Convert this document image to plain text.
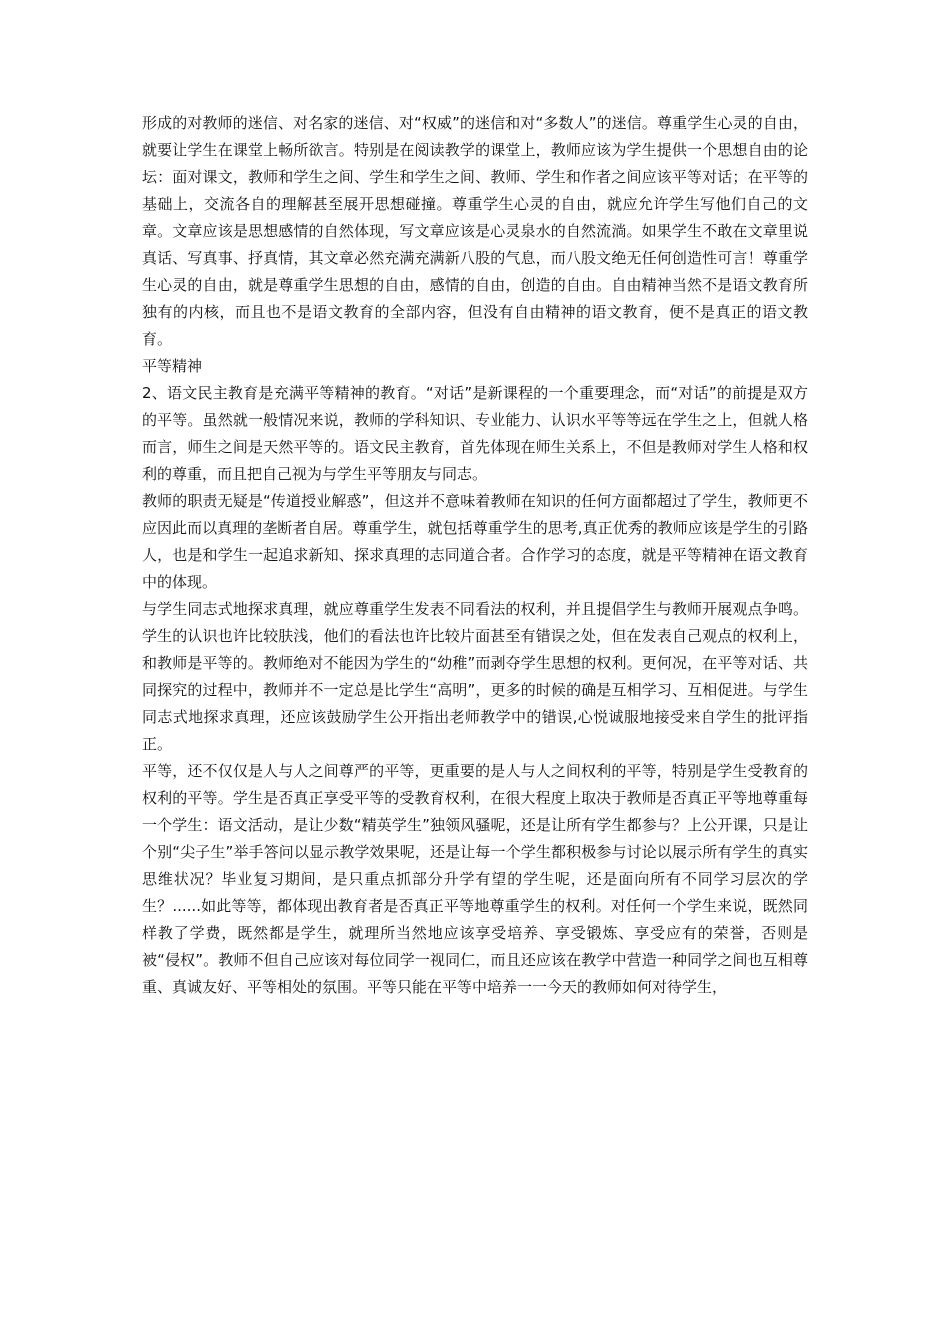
形成的对教师的迷信、对名家的迷信、对“权威”的迷信和对“多数人”的迷信。尊重学生心灵的自由，就要让学生在课堂上畅所欲言。特别是在阅读教学的课堂上，教师应该为学生提供一个思想自由的论坛：面对课文，教师和学生之间、学生和学生之间、教师、学生和作者之间应该平等对话；在平等的基础上，交流各自的理解甚至展开思想碰撞。尊重学生心灵的自由，就应允许学生写他们自己的文章。文章应该是思想感情的自然体现，写文章应该是心灵泉水的自然流淌。如果学生不敢在文章里说真话、写真事、抒真情，其文章必然充满充满新八股的气息，而八股文绝无任何创造性可言！尊重学生心灵的自由，就是尊重学生思想的自由，感情的自由，创造的自由。自由精神当然不是语文教育所独有的内核，而且也不是语文教育的全部内容，但没有自由精神的语文教育，便不是真正的语文教育。

平等精神

2、语文民主教育是充满平等精神的教育。“对话”是新课程的一个重要理念，而“对话”的前提是双方的平等。虽然就一般情况来说，教师的学科知识、专业能力、认识水平等等远在学生之上，但就人格而言，师生之间是天然平等的。语文民主教育，首先体现在师生关系上，不但是教师对学生人格和权利的尊重，而且把自己视为与学生平等朋友与同志。

教师的职责无疑是“传道授业解惑”，但这并不意味着教师在知识的任何方面都超过了学生，教师更不应因此而以真理的垄断者自居。尊重学生，就包括尊重学生的思考,真正优秀的教师应该是学生的引路人，也是和学生一起追求新知、探求真理的志同道合者。合作学习的态度，就是平等精神在语文教育中的体现。

与学生同志式地探求真理，就应尊重学生发表不同看法的权利，并且提倡学生与教师开展观点争鸣。学生的认识也许比较肤浅，他们的看法也许比较片面甚至有错误之处，但在发表自己观点的权利上，和教师是平等的。教师绝对不能因为学生的“幼稚”而剥夺学生思想的权利。更何况，在平等对话、共同探究的过程中，教师并不一定总是比学生“高明”，更多的时候的确是互相学习、互相促进。与学生同志式地探求真理，还应该鼓励学生公开指出老师教学中的错误,心悦诚服地接受来自学生的批评指正。

平等，还不仅仅是人与人之间尊严的平等，更重要的是人与人之间权利的平等，特别是学生受教育的权利的平等。学生是否真正享受平等的受教育权利，在很大程度上取决于教师是否真正平等地尊重每一个学生：语文活动，是让少数“精英学生”独领风骚呢，还是让所有学生都参与？上公开课，只是让个别“尖子生”举手答问以显示教学效果呢，还是让每一个学生都积极参与讨论以展示所有学生的真实思维状况？毕业复习期间，是只重点抓部分升学有望的学生呢，还是面向所有不同学习层次的学生？......如此等等，都体现出教育者是否真正平等地尊重学生的权利。对任何一个学生来说，既然同样教了学费，既然都是学生，就理所当然地应该享受培养、享受锻炼、享受应有的荣誉，否则是被“侵权”。教师不但自己应该对每位同学一视同仁，而且还应该在教学中营造一种同学之间也互相尊重、真诚友好、平等相处的氛围。平等只能在平等中培养一一今天的教师如何对待学生，
